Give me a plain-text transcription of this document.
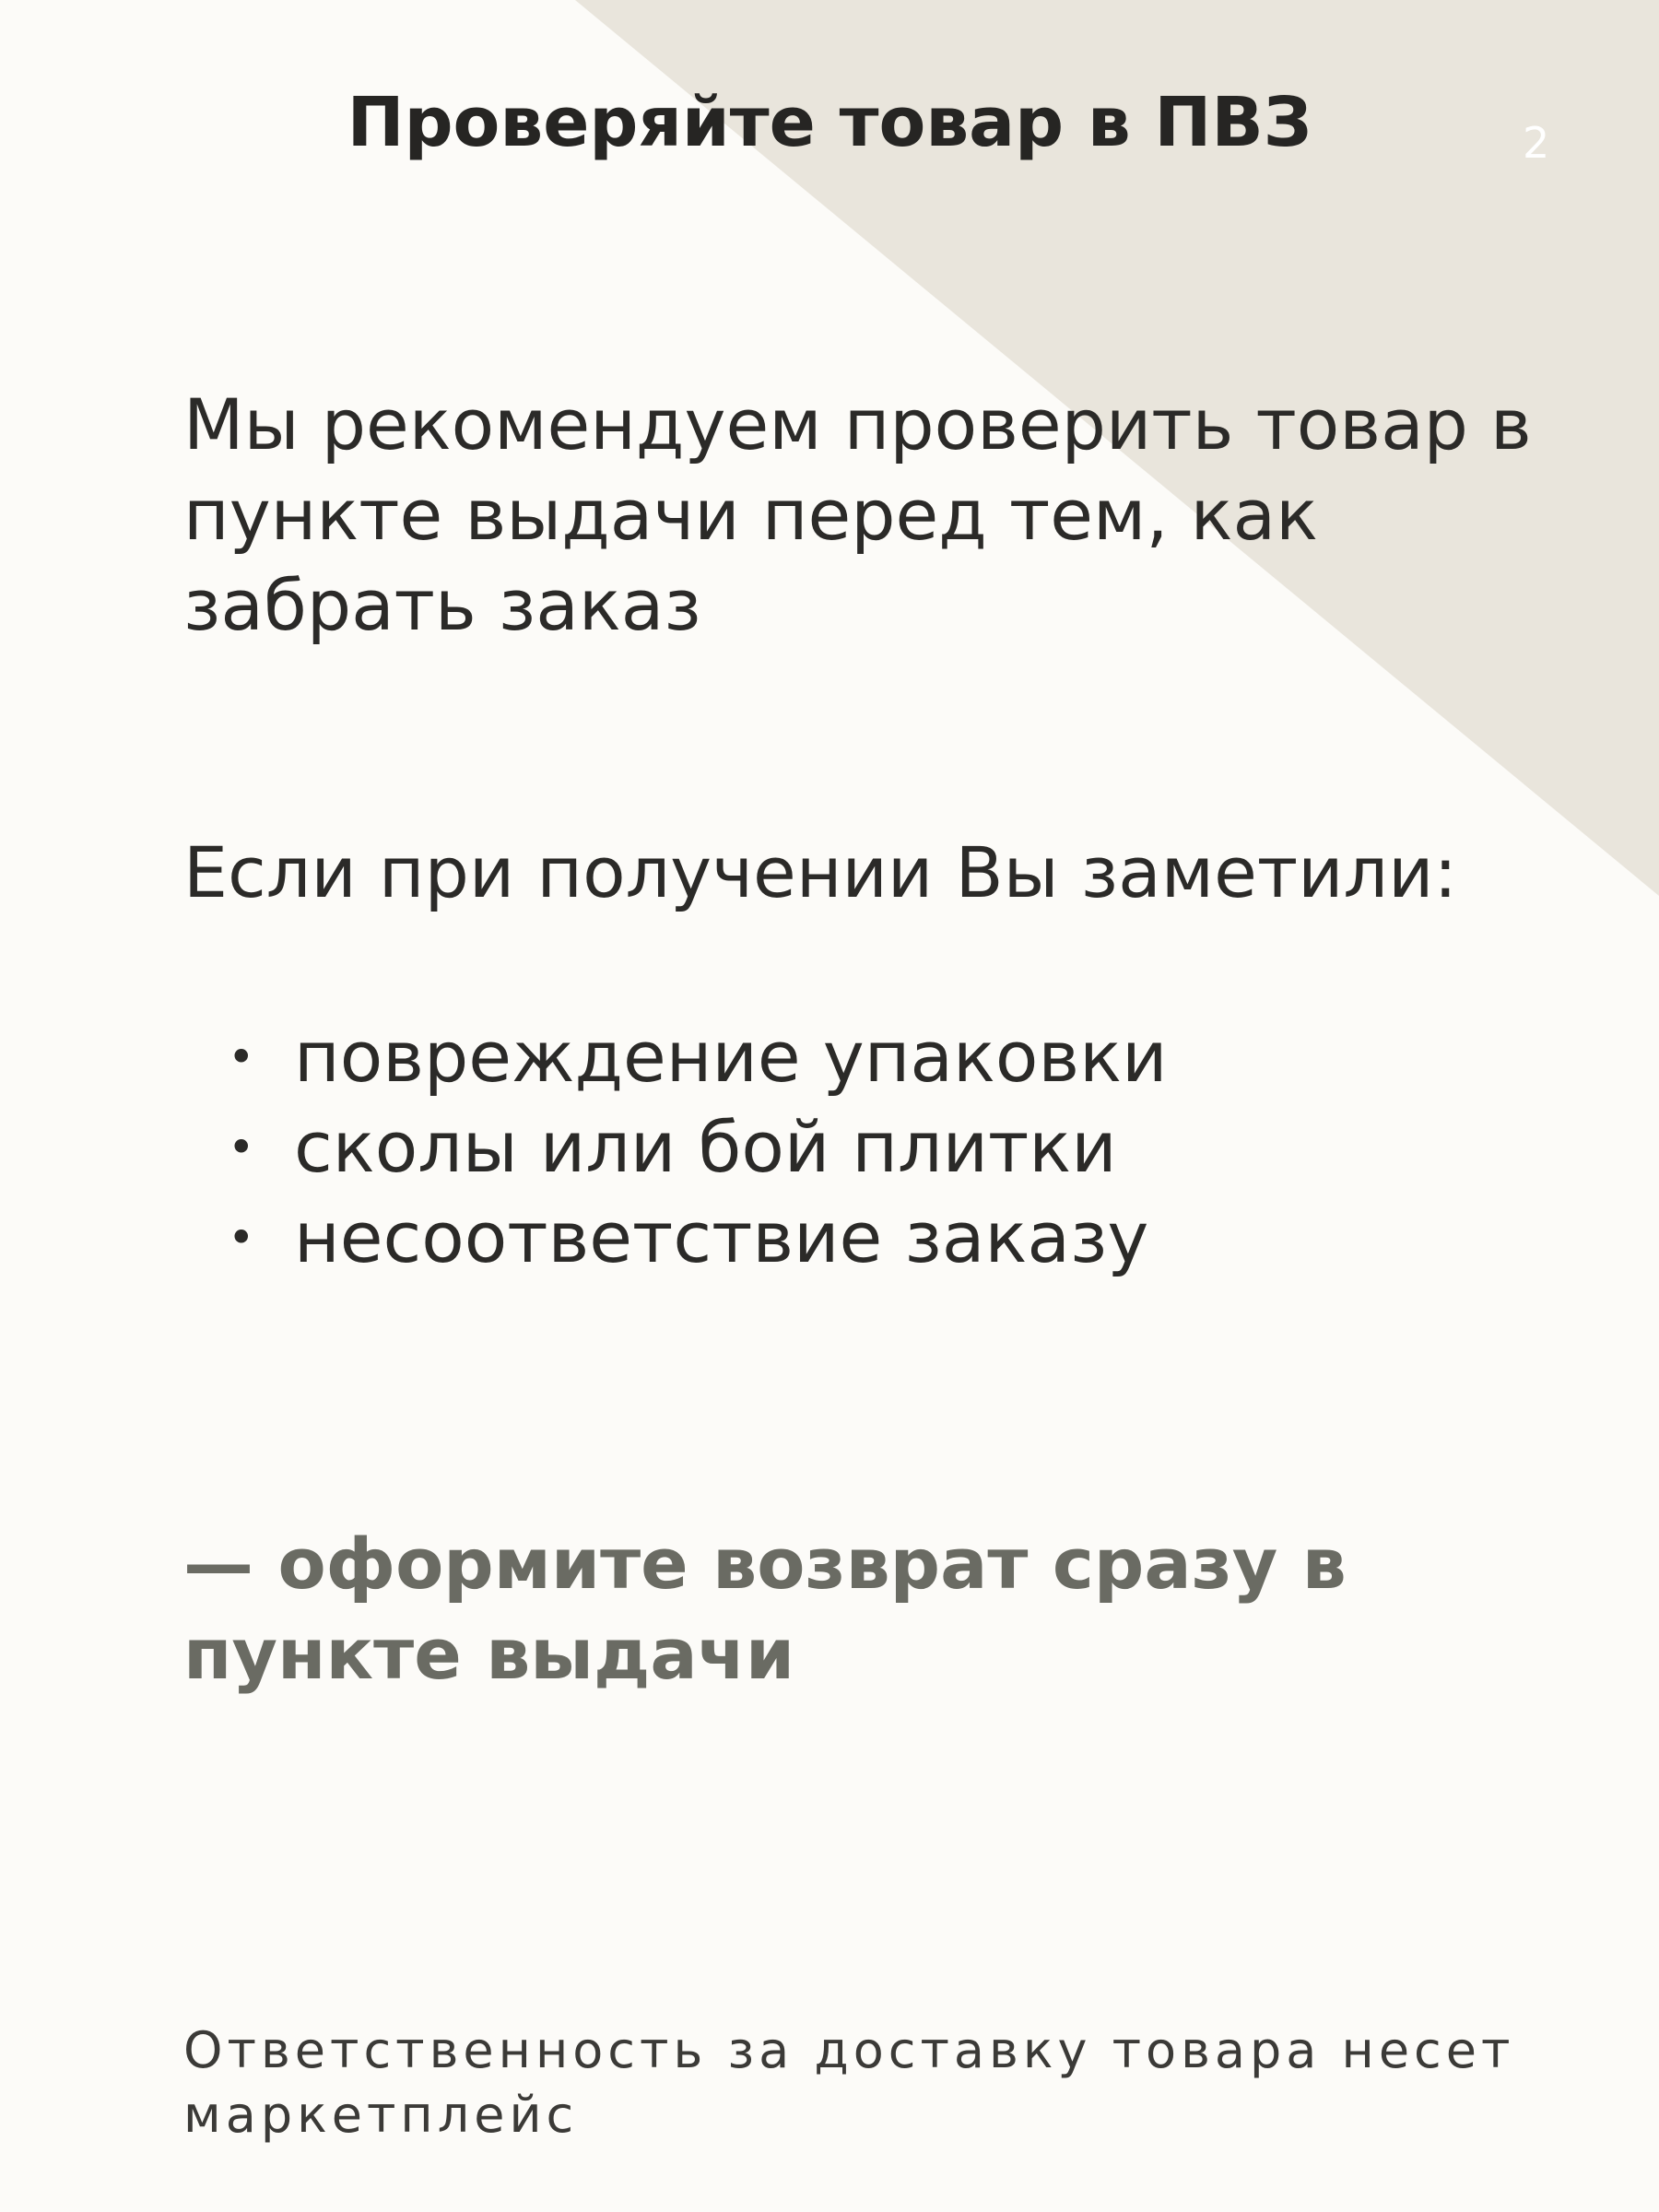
Проверяйте товар в ПВЗ	2
Мы рекомендуем проверить товар в пункте выдачи перед тем, как забрать заказ
Если при получении Вы заметили:
• повреждение упаковки
• сколы или бой плитки
• несоответствие заказу
— оформите возврат сразу в пункте выдачи
Ответственность за доставку товара несет маркетплейс
